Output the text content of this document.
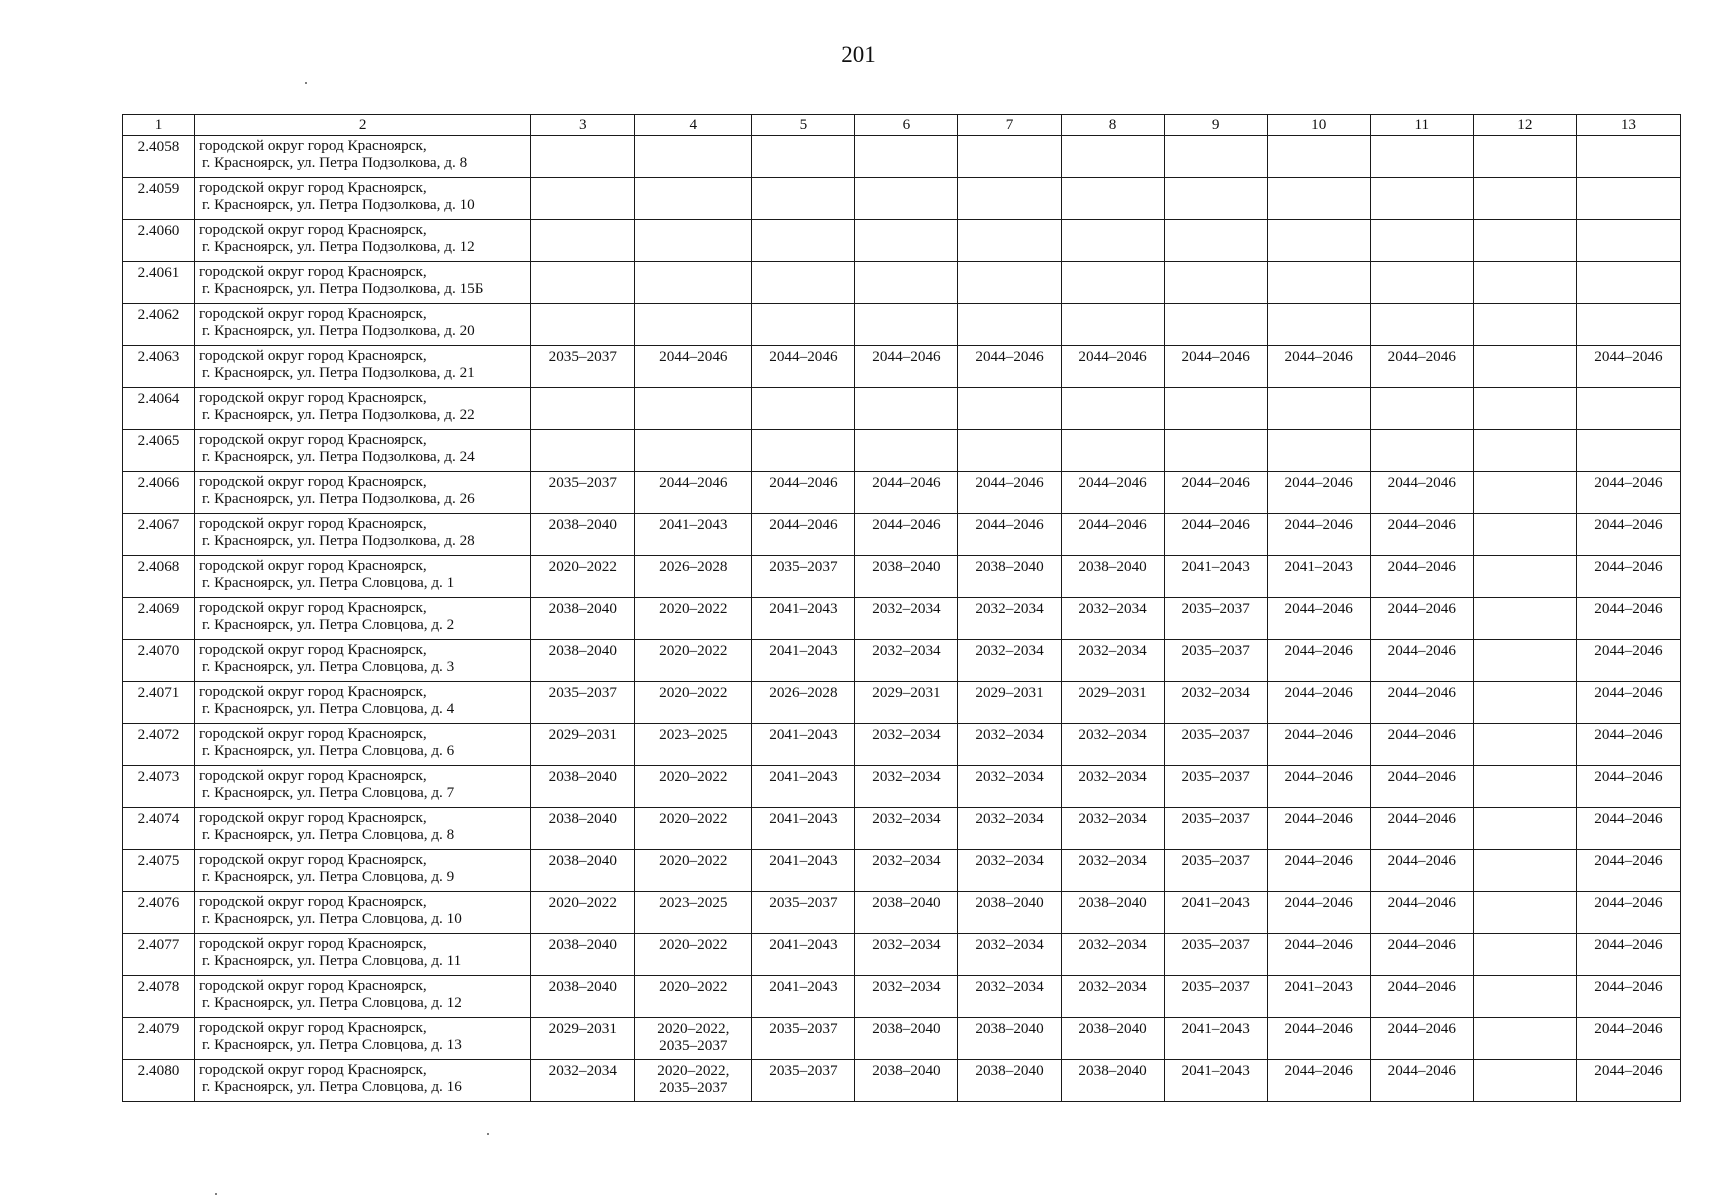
201
1	2	3	4	5	6	7	8	9	10	11	12	13
2.4058	городской округ город Красноярск,
г. Красноярск, ул. Петра Подзолкова, д. 8											

2.4059	городской округ город Красноярск,
г. Красноярск, ул. Петра Подзолкова, д. 10											

2.4060	городской округ город Красноярск,
г. Красноярск, ул. Петра Подзолкова, д. 12											

2.4061	городской округ город Красноярск,
г. Красноярск, ул. Петра Подзолкова, д. 15Б											

2.4062	городской округ город Красноярск,
г. Красноярск, ул. Петра Подзолкова, д. 20											

2.4063	городской округ город Красноярск,
г. Красноярск, ул. Петра Подзолкова, д. 21	2035–2037	2044–2046	2044–2046	2044–2046	2044–2046	2044–2046	2044–2046	2044–2046	2044–2046		2044–2046

2.4064	городской округ город Красноярск,
г. Красноярск, ул. Петра Подзолкова, д. 22											

2.4065	городской округ город Красноярск,
г. Красноярск, ул. Петра Подзолкова, д. 24											

2.4066	городской округ город Красноярск,
г. Красноярск, ул. Петра Подзолкова, д. 26	2035–2037	2044–2046	2044–2046	2044–2046	2044–2046	2044–2046	2044–2046	2044–2046	2044–2046		2044–2046

2.4067	городской округ город Красноярск,
г. Красноярск, ул. Петра Подзолкова, д. 28	2038–2040	2041–2043	2044–2046	2044–2046	2044–2046	2044–2046	2044–2046	2044–2046	2044–2046		2044–2046

2.4068	городской округ город Красноярск,
г. Красноярск, ул. Петра Словцова, д. 1	2020–2022	2026–2028	2035–2037	2038–2040	2038–2040	2038–2040	2041–2043	2041–2043	2044–2046		2044–2046

2.4069	городской округ город Красноярск,
г. Красноярск, ул. Петра Словцова, д. 2	2038–2040	2020–2022	2041–2043	2032–2034	2032–2034	2032–2034	2035–2037	2044–2046	2044–2046		2044–2046

2.4070	городской округ город Красноярск,
г. Красноярск, ул. Петра Словцова, д. 3	2038–2040	2020–2022	2041–2043	2032–2034	2032–2034	2032–2034	2035–2037	2044–2046	2044–2046		2044–2046

2.4071	городской округ город Красноярск,
г. Красноярск, ул. Петра Словцова, д. 4	2035–2037	2020–2022	2026–2028	2029–2031	2029–2031	2029–2031	2032–2034	2044–2046	2044–2046		2044–2046

2.4072	городской округ город Красноярск,
г. Красноярск, ул. Петра Словцова, д. 6	2029–2031	2023–2025	2041–2043	2032–2034	2032–2034	2032–2034	2035–2037	2044–2046	2044–2046		2044–2046

2.4073	городской округ город Красноярск,
г. Красноярск, ул. Петра Словцова, д. 7	2038–2040	2020–2022	2041–2043	2032–2034	2032–2034	2032–2034	2035–2037	2044–2046	2044–2046		2044–2046

2.4074	городской округ город Красноярск,
г. Красноярск, ул. Петра Словцова, д. 8	2038–2040	2020–2022	2041–2043	2032–2034	2032–2034	2032–2034	2035–2037	2044–2046	2044–2046		2044–2046

2.4075	городской округ город Красноярск,
г. Красноярск, ул. Петра Словцова, д. 9	2038–2040	2020–2022	2041–2043	2032–2034	2032–2034	2032–2034	2035–2037	2044–2046	2044–2046		2044–2046

2.4076	городской округ город Красноярск,
г. Красноярск, ул. Петра Словцова, д. 10	2020–2022	2023–2025	2035–2037	2038–2040	2038–2040	2038–2040	2041–2043	2044–2046	2044–2046		2044–2046

2.4077	городской округ город Красноярск,
г. Красноярск, ул. Петра Словцова, д. 11	2038–2040	2020–2022	2041–2043	2032–2034	2032–2034	2032–2034	2035–2037	2044–2046	2044–2046		2044–2046

2.4078	городской округ город Красноярск,
г. Красноярск, ул. Петра Словцова, д. 12	2038–2040	2020–2022	2041–2043	2032–2034	2032–2034	2032–2034	2035–2037	2041–2043	2044–2046		2044–2046

2.4079	городской округ город Красноярск,
г. Красноярск, ул. Петра Словцова, д. 13	2029–2031	2020–2022,
2035–2037	2035–2037	2038–2040	2038–2040	2038–2040	2041–2043	2044–2046	2044–2046		2044–2046

2.4080	городской округ город Красноярск,
г. Красноярск, ул. Петра Словцова, д. 16	2032–2034	2020–2022,
2035–2037	2035–2037	2038–2040	2038–2040	2038–2040	2041–2043	2044–2046	2044–2046		2044–2046
